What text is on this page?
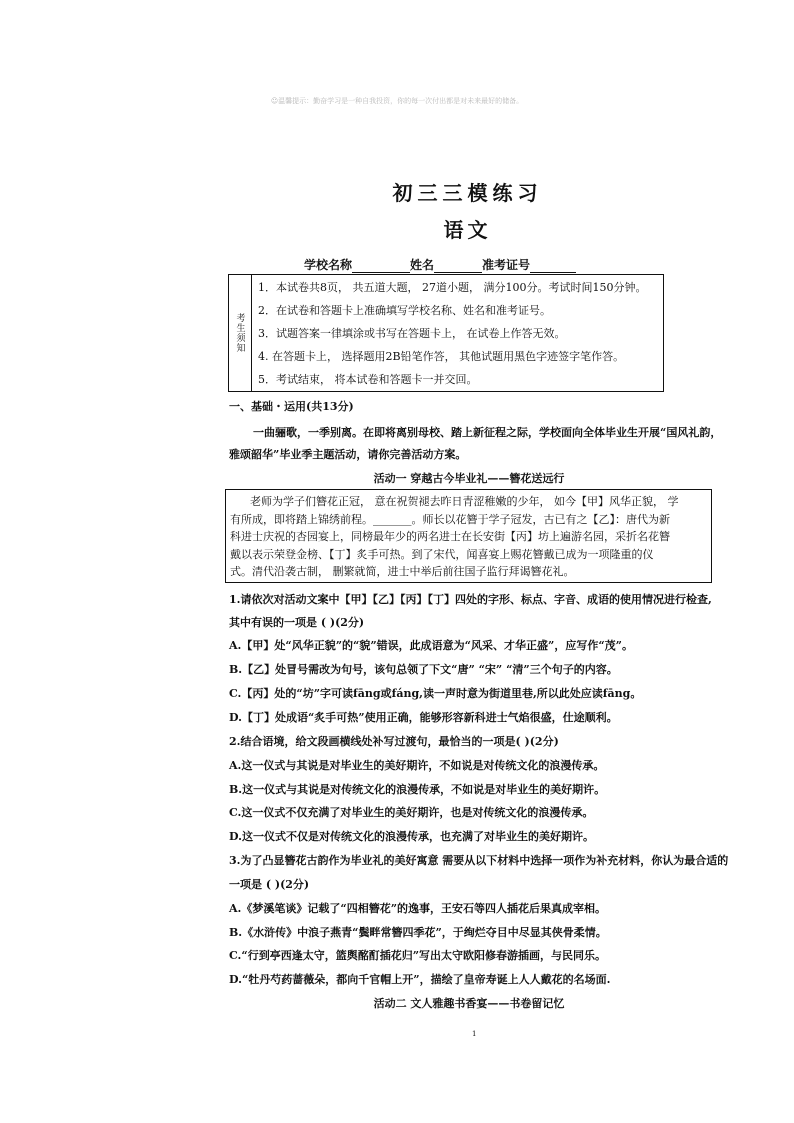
☺温馨提示：勤奋学习是一种自我投资，你的每一次付出都是对未来最好的储备。
初三三模练习
语文
学校名称	姓名	准考证号
考生须知
1．本试卷共8页， 共五道大题， 27道小题， 满分100分。考试时间150分钟。
2．在试卷和答题卡上准确填写学校名称、姓名和准考证号。
3．试题答案一律填涂或书写在答题卡上， 在试卷上作答无效。
4. 在答题卡上， 选择题用2B铅笔作答， 其他试题用黑色字迹签字笔作答。
5．考试结束， 将本试卷和答题卡一并交回。
一、基础・运用(共13分)
一曲骊歌，一季别离。在即将离别母校、踏上新征程之际，学校面向全体毕业生开展“国风礼韵，
雅颂韶华”毕业季主题活动，请你完善活动方案。
活动一 穿越古今毕业礼——簪花送远行
老师为学子们簪花正冠， 意在祝贺褪去昨日青涩稚嫩的少年， 如今【甲】风华正貌， 学
有所成，即将踏上锦绣前程。_______。师长以花簪于学子冠发，古已有之【乙】：唐代为新
科进士庆祝的杏园宴上，同榜最年少的两名进士在长安街【丙】坊上遍游名园，采折名花簪
戴以表示荣登金榜、【丁】炙手可热。到了宋代，闻喜宴上赐花簪戴已成为一项隆重的仪
式。清代沿袭古制， 删繁就简，进士中举后前往国子监行拜谒簪花礼。
1.请依次对活动文案中【甲】【乙】【丙】【丁】四处的字形、标点、字音、成语的使用情况进行检查,
其中有误的一项是 ( )(2分)
A.【甲】处“风华正貌”的“貌”错误，此成语意为“风采、才华正盛”，应写作“茂”。
B.【乙】处冒号需改为句号，该句总领了下文“唐” “宋” “清”三个句子的内容。
C.【丙】处的“坊”字可读fāng或fáng,读一声时意为街道里巷,所以此处应读fāng。
D.【丁】处成语“炙手可热”使用正确，能够形容新科进士气焰很盛，仕途顺利。
2.结合语境，给文段画横线处补写过渡句，最恰当的一项是( )(2分)
A.这一仪式与其说是对毕业生的美好期许，不如说是对传统文化的浪漫传承。
B.这一仪式与其说是对传统文化的浪漫传承，不如说是对毕业生的美好期许。
C.这一仪式不仅充满了对毕业生的美好期许，也是对传统文化的浪漫传承。
D.这一仪式不仅是对传统文化的浪漫传承，也充满了对毕业生的美好期许。
3.为了凸显簪花古韵作为毕业礼的美好寓意 需要从以下材料中选择一项作为补充材料，你认为最合适的
一项是 ( )(2分)
A.《梦溪笔谈》记载了“四相簪花”的逸事，王安石等四人插花后果真成宰相。
B.《水浒传》中浪子燕青“鬓畔常簪四季花”，于绚烂夺目中尽显其侠骨柔情。
C.“行到亭西逢太守，篮舆酩酊插花归”写出太守欧阳修春游插画，与民同乐。
D.“牡丹芍药蔷薇朵，都向千官帽上开”，描绘了皇帝寿诞上人人戴花的名场面.
活动二 文人雅趣书香宴——书卷留记忆
1
